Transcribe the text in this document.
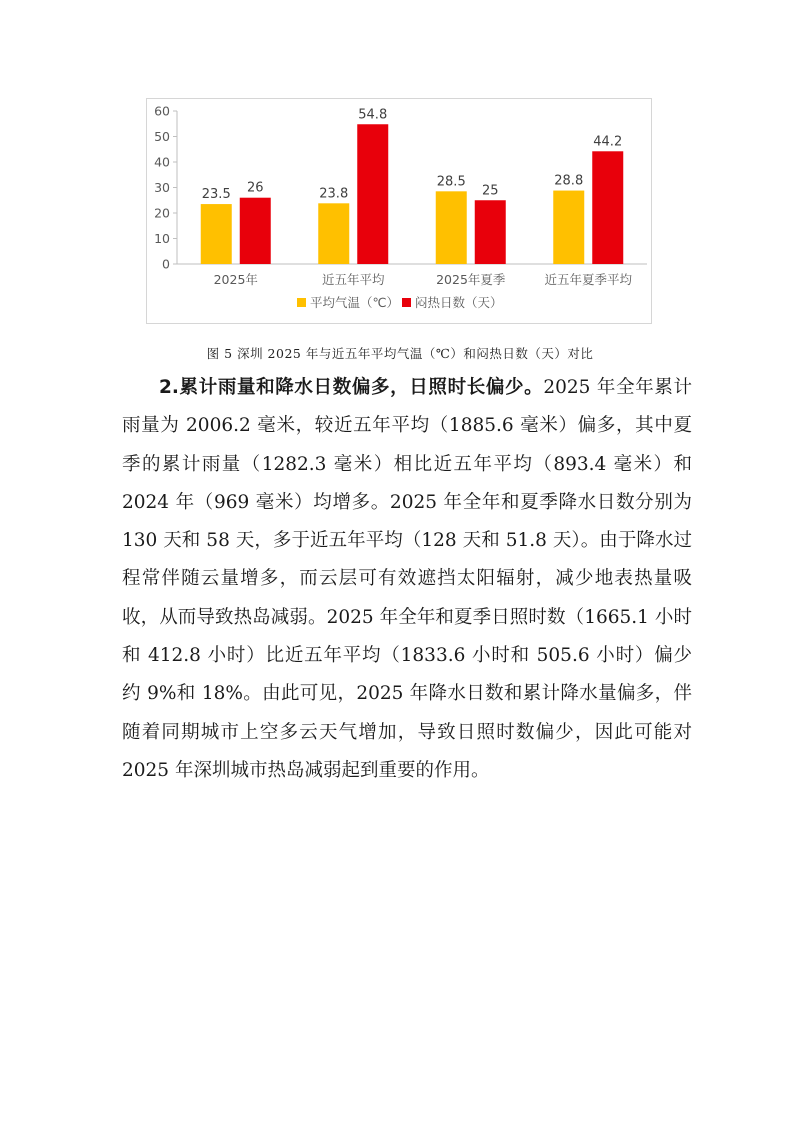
0
10
20
30
40
50
60
23.5 26
2025年
23.8
54.8
近五年平均
28.5
25
2025年夏季
28.8
44.2
近五年夏季平均
平均气温（℃） 闷热日数（天）
图 5 深圳 2025 年与近五年平均气温（℃）和闷热日数（天）对比

2.累计雨量和降水日数偏多，日照时长偏少。2025 年全年累计雨量为 2006.2 毫米，较近五年平均（1885.6 毫米）偏多，其中夏季的累计雨量（1282.3 毫米）相比近五年平均（893.4 毫米）和 2024 年（969 毫米）均增多。2025 年全年和夏季降水日数分别为 130 天和 58 天，多于近五年平均（128 天和 51.8 天）。由于降水过程常伴随云量增多，而云层可有效遮挡太阳辐射，减少地表热量吸收，从而导致热岛减弱。2025 年全年和夏季日照时数（1665.1 小时和 412.8 小时）比近五年平均（1833.6 小时和 505.6 小时）偏少约 9%和 18%。由此可见，2025 年降水日数和累计降水量偏多，伴随着同期城市上空多云天气增加，导致日照时数偏少，因此可能对 2025 年深圳城市热岛减弱起到重要的作用。
